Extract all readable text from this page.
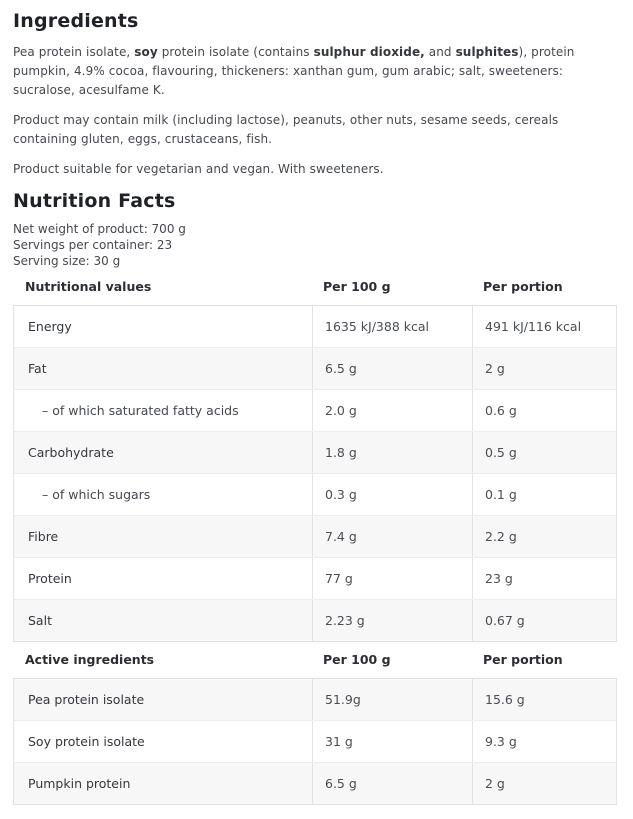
Ingredients

Pea protein isolate, soy protein isolate (contains sulphur dioxide, and sulphites), protein pumpkin, 4.9% cocoa, flavouring, thickeners: xanthan gum, gum arabic; salt, sweeteners: sucralose, acesulfame K.

Product may contain milk (including lactose), peanuts, other nuts, sesame seeds, cereals containing gluten, eggs, crustaceans, fish.

Product suitable for vegetarian and vegan. With sweeteners.

Nutrition Facts
Net weight of product: 700 g
Servings per container: 23
Serving size: 30 g
Nutritional values	Per 100 g	Per portion
Energy	1635 kJ/388 kcal	491 kJ/116 kcal
Fat	6.5 g	2 g
– of which saturated fatty acids	2.0 g	0.6 g
Carbohydrate	1.8 g	0.5 g
– of which sugars	0.3 g	0.1 g
Fibre	7.4 g	2.2 g
Protein	77 g	23 g
Salt	2.23 g	0.67 g
Active ingredients	Per 100 g	Per portion
Pea protein isolate	51.9g	15.6 g
Soy protein isolate	31 g	9.3 g
Pumpkin protein	6.5 g	2 g
